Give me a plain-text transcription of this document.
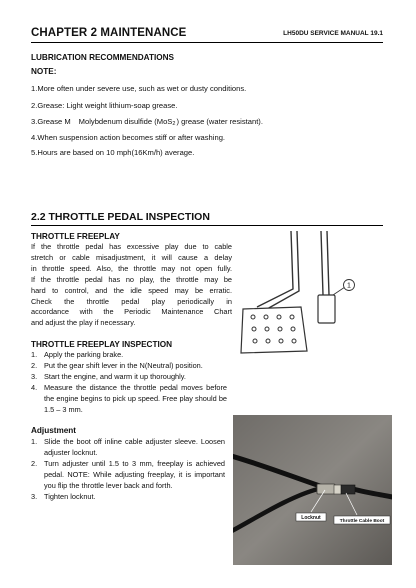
CHAPTER 2 MAINTENANCE	LH50DU SERVICE MANUAL 19.1
LUBRICATION RECOMMENDATIONS
NOTE:
1.More often under severe use, such as wet or dusty conditions.
2.Grease: Light weight lithium-soap grease.
3.Grease M Molybdenum disulfide (MoS2) grease (water resistant).
4.When suspension action becomes stiff or after washing.
5.Hours are based on 10 mph(16Km/h) average.
2.2 THROTTLE PEDAL INSPECTION
THROTTLE FREEPLAY
If the throttle pedal has excessive play due to cable
stretch or cable misadjustment, it will cause a delay
in throttle speed. Also, the throttle may not open fully.
If the throttle pedal has no play, the throttle may be
hard to control, and the idle speed may be erratic.
Check the throttle pedal play periodically in
accordance with the Periodic Maintenance Chart
and adjust the play if necessary.
THROTTLE FREEPLAY INSPECTION
1. Apply the parking brake.
2. Put the gear shift lever in the N(Neutral) position.
3. Start the engine, and warm it up thoroughly.
4. Measure the distance the throttle pedal moves before the engine begins to pick up speed. Free play should be 1.5 – 3 mm.
Adjustment
1. Slide the boot off inline cable adjuster sleeve. Loosen adjuster locknut.
2. Turn adjuster until 1.5 to 3 mm, freeplay is achieved pedal. NOTE: While adjusting freeplay, it is important you flip the throttle lever back and forth.
3. Tighten locknut.
1
Locknut
Throttle Cable Boot
